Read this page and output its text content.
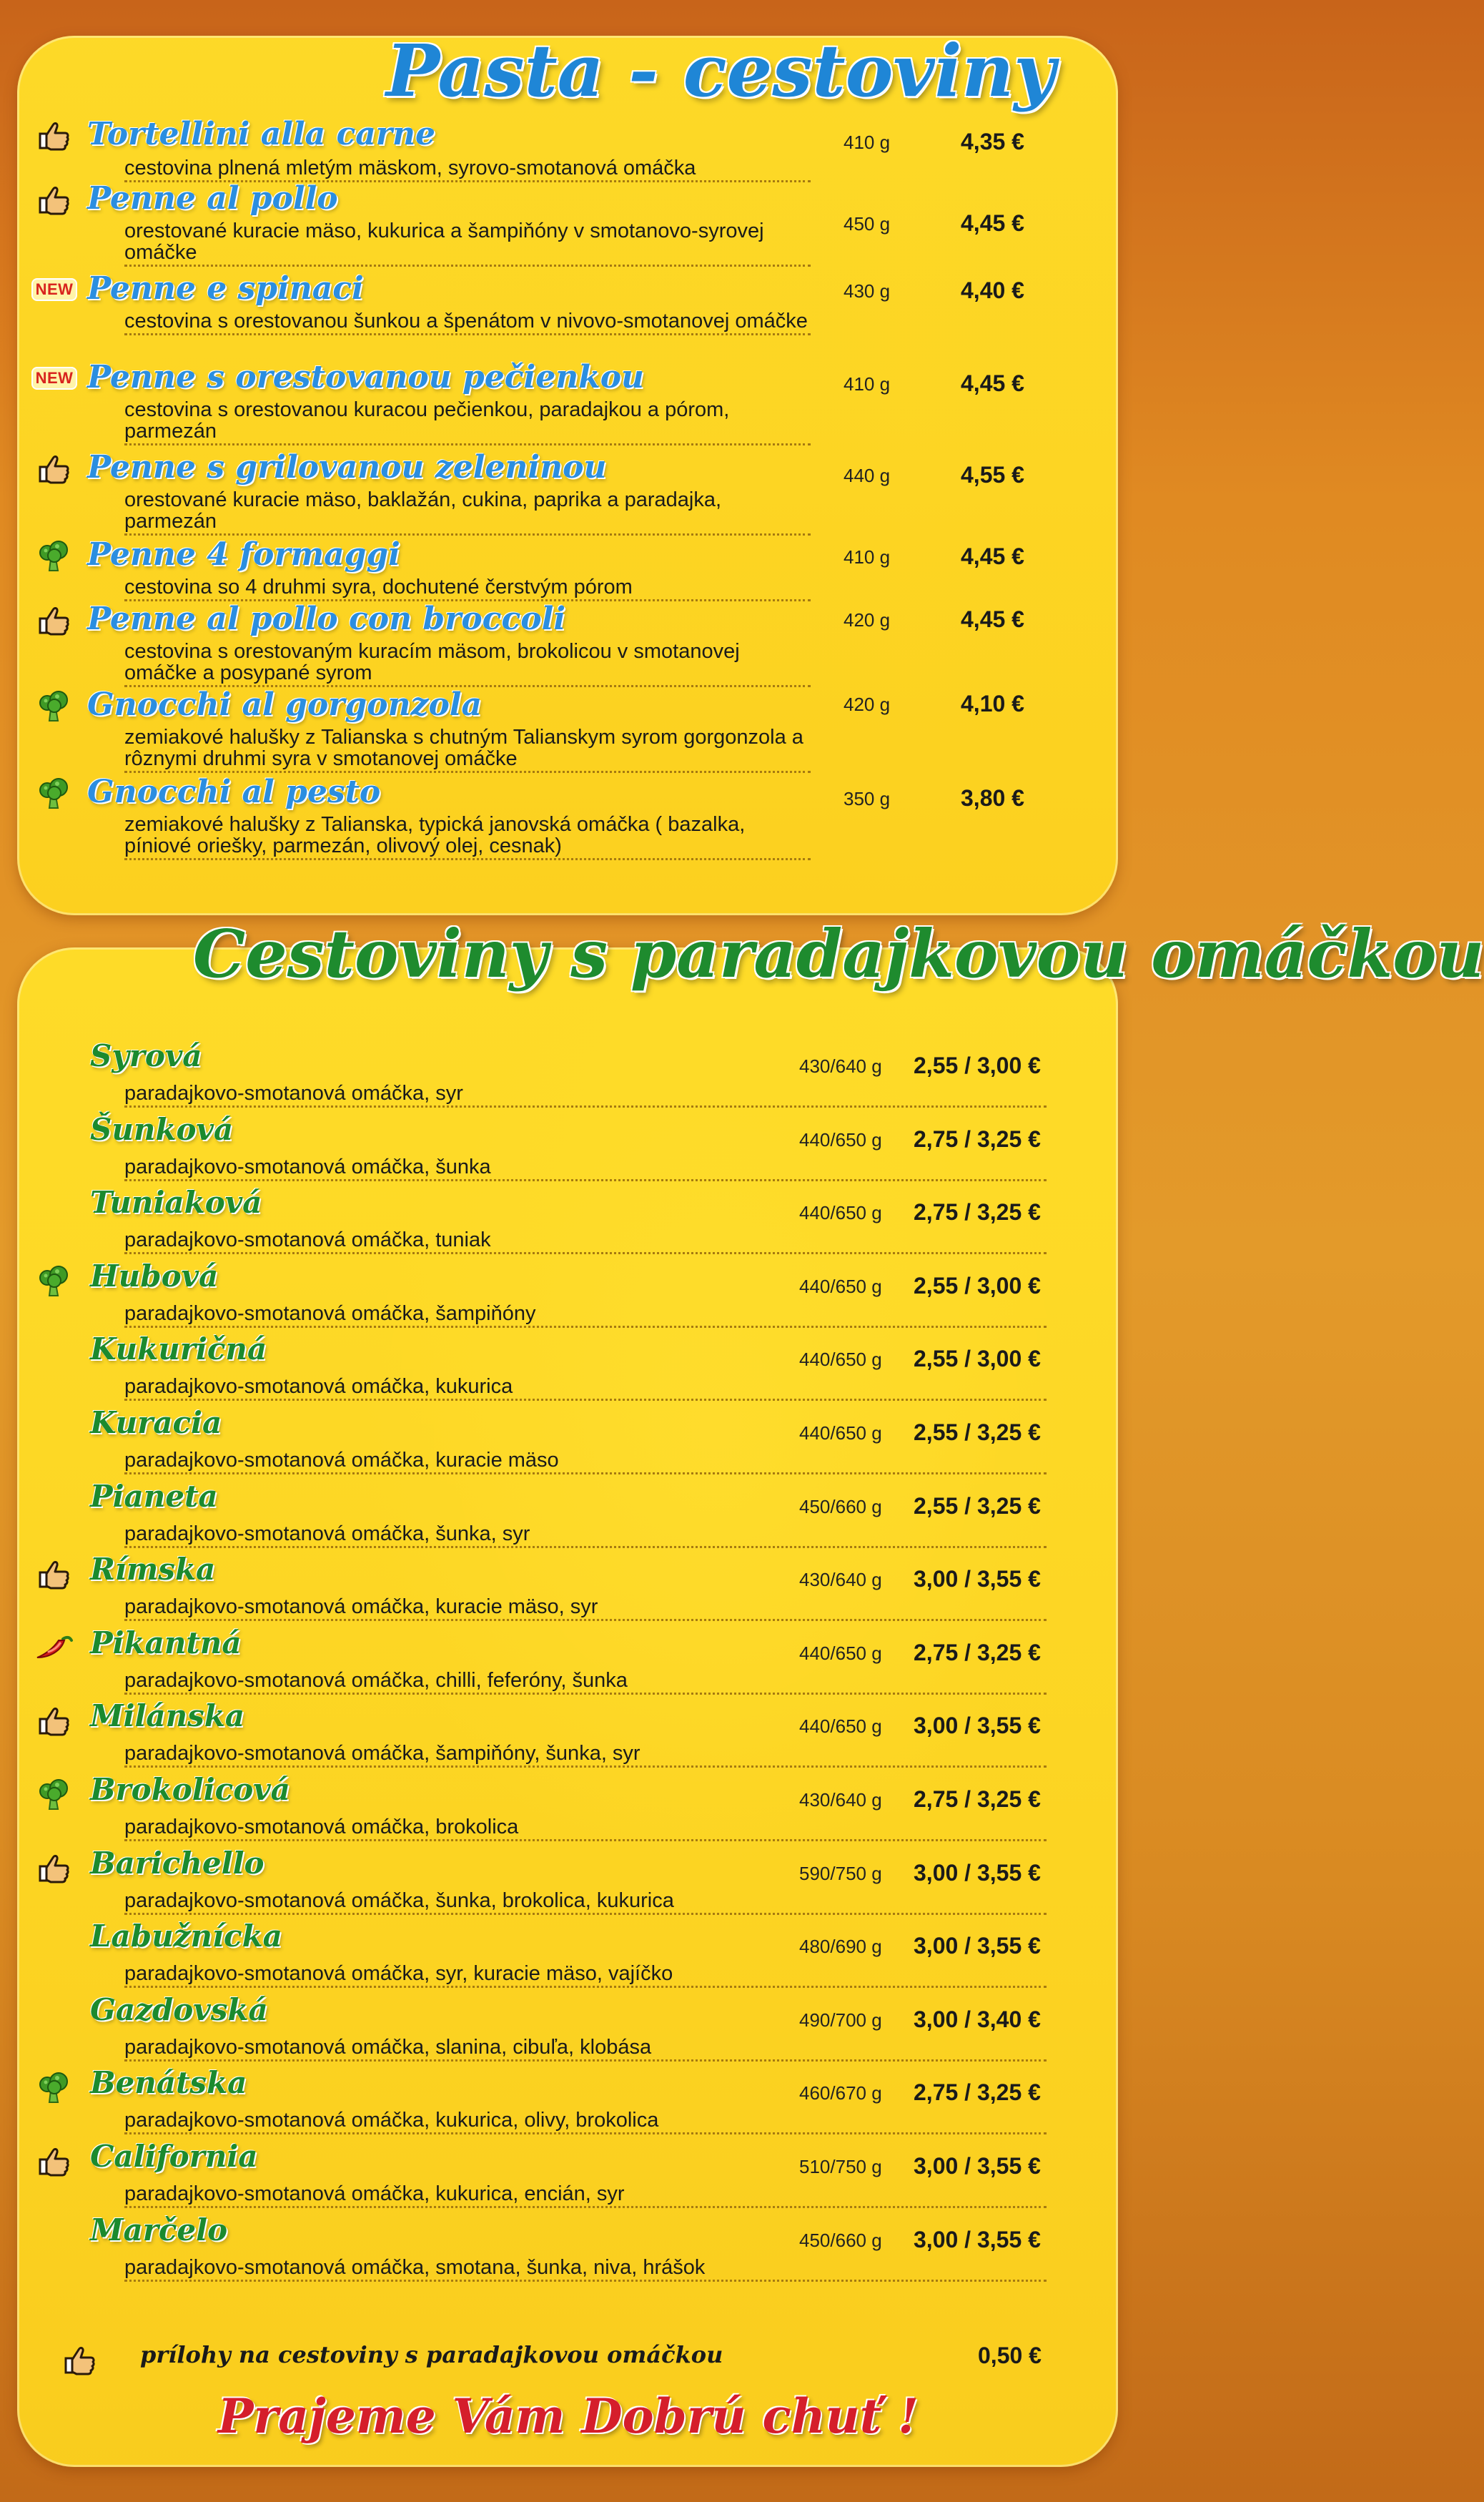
Pasta - cestoviny
Cestoviny s paradajkovou omáčkou
Tortellini alla carne
cestovina plnená mletým mäskom, syrovo-smotanová omáčka
410 g	4,35 €
Penne al pollo
orestované kuracie mäso, kukurica a šampiňóny v smotanovo-syrovej omáčke
450 g	4,45 €
NEW Penne e spinaci
cestovina s orestovanou šunkou a špenátom v nivovo-smotanovej omáčke
430 g	4,40 €
NEW Penne s orestovanou pečienkou
cestovina s orestovanou kuracou pečienkou, paradajkou a pórom, parmezán
410 g	4,45 €
Penne s grilovanou zeleninou
orestované kuracie mäso, baklažán, cukina, paprika a paradajka, parmezán
440 g	4,55 €
Penne 4 formaggi
cestovina so 4 druhmi syra, dochutené čerstvým pórom
410 g	4,45 €
Penne al pollo con broccoli
cestovina s orestovaným kuracím mäsom, brokolicou v smotanovej omáčke a posypané syrom
420 g	4,45 €
Gnocchi al gorgonzola
zemiakové halušky z Talianska s chutným Talianskym syrom gorgonzola a rôznymi druhmi syra v smotanovej omáčke
420 g	4,10 €
Gnocchi al pesto
zemiakové halušky z Talianska, typická janovská omáčka ( bazalka, píniové oriešky, parmezán, olivový olej, cesnak)
350 g	3,80 €
Syrová
paradajkovo-smotanová omáčka, syr
430/640 g 2,55 / 3,00 €
Šunková
paradajkovo-smotanová omáčka, šunka
440/650 g 2,75 / 3,25 €
Tuniaková
paradajkovo-smotanová omáčka, tuniak
440/650 g 2,75 / 3,25 €
Hubová
paradajkovo-smotanová omáčka, šampiňóny
440/650 g 2,55 / 3,00 €
Kukuričná
paradajkovo-smotanová omáčka, kukurica
440/650 g 2,55 / 3,00 €
Kuracia
paradajkovo-smotanová omáčka, kuracie mäso
440/650 g 2,55 / 3,25 €
Pianeta
paradajkovo-smotanová omáčka, šunka, syr
450/660 g 2,55 / 3,25 €
Rímska
paradajkovo-smotanová omáčka, kuracie mäso, syr
430/640 g 3,00 / 3,55 €
Pikantná
paradajkovo-smotanová omáčka, chilli, feferóny, šunka
440/650 g 2,75 / 3,25 €
Milánska
paradajkovo-smotanová omáčka, šampiňóny, šunka, syr
440/650 g 3,00 / 3,55 €
Brokolicová
paradajkovo-smotanová omáčka, brokolica
430/640 g 2,75 / 3,25 €
Barichello
paradajkovo-smotanová omáčka, šunka, brokolica, kukurica
590/750 g 3,00 / 3,55 €
Labužnícka
paradajkovo-smotanová omáčka, syr, kuracie mäso, vajíčko
480/690 g 3,00 / 3,55 €
Gazdovská
paradajkovo-smotanová omáčka, slanina, cibuľa, klobása
490/700 g 3,00 / 3,40 €
Benátska
paradajkovo-smotanová omáčka, kukurica, olivy, brokolica
460/670 g 2,75 / 3,25 €
California
paradajkovo-smotanová omáčka, kukurica, encián, syr
510/750 g 3,00 / 3,55 €
Marčelo
paradajkovo-smotanová omáčka, smotana, šunka, niva, hrášok
450/660 g 3,00 / 3,55 €
prílohy na cestoviny s paradajkovou omáčkou	0,50 €
Prajeme Vám Dobrú chuť !
